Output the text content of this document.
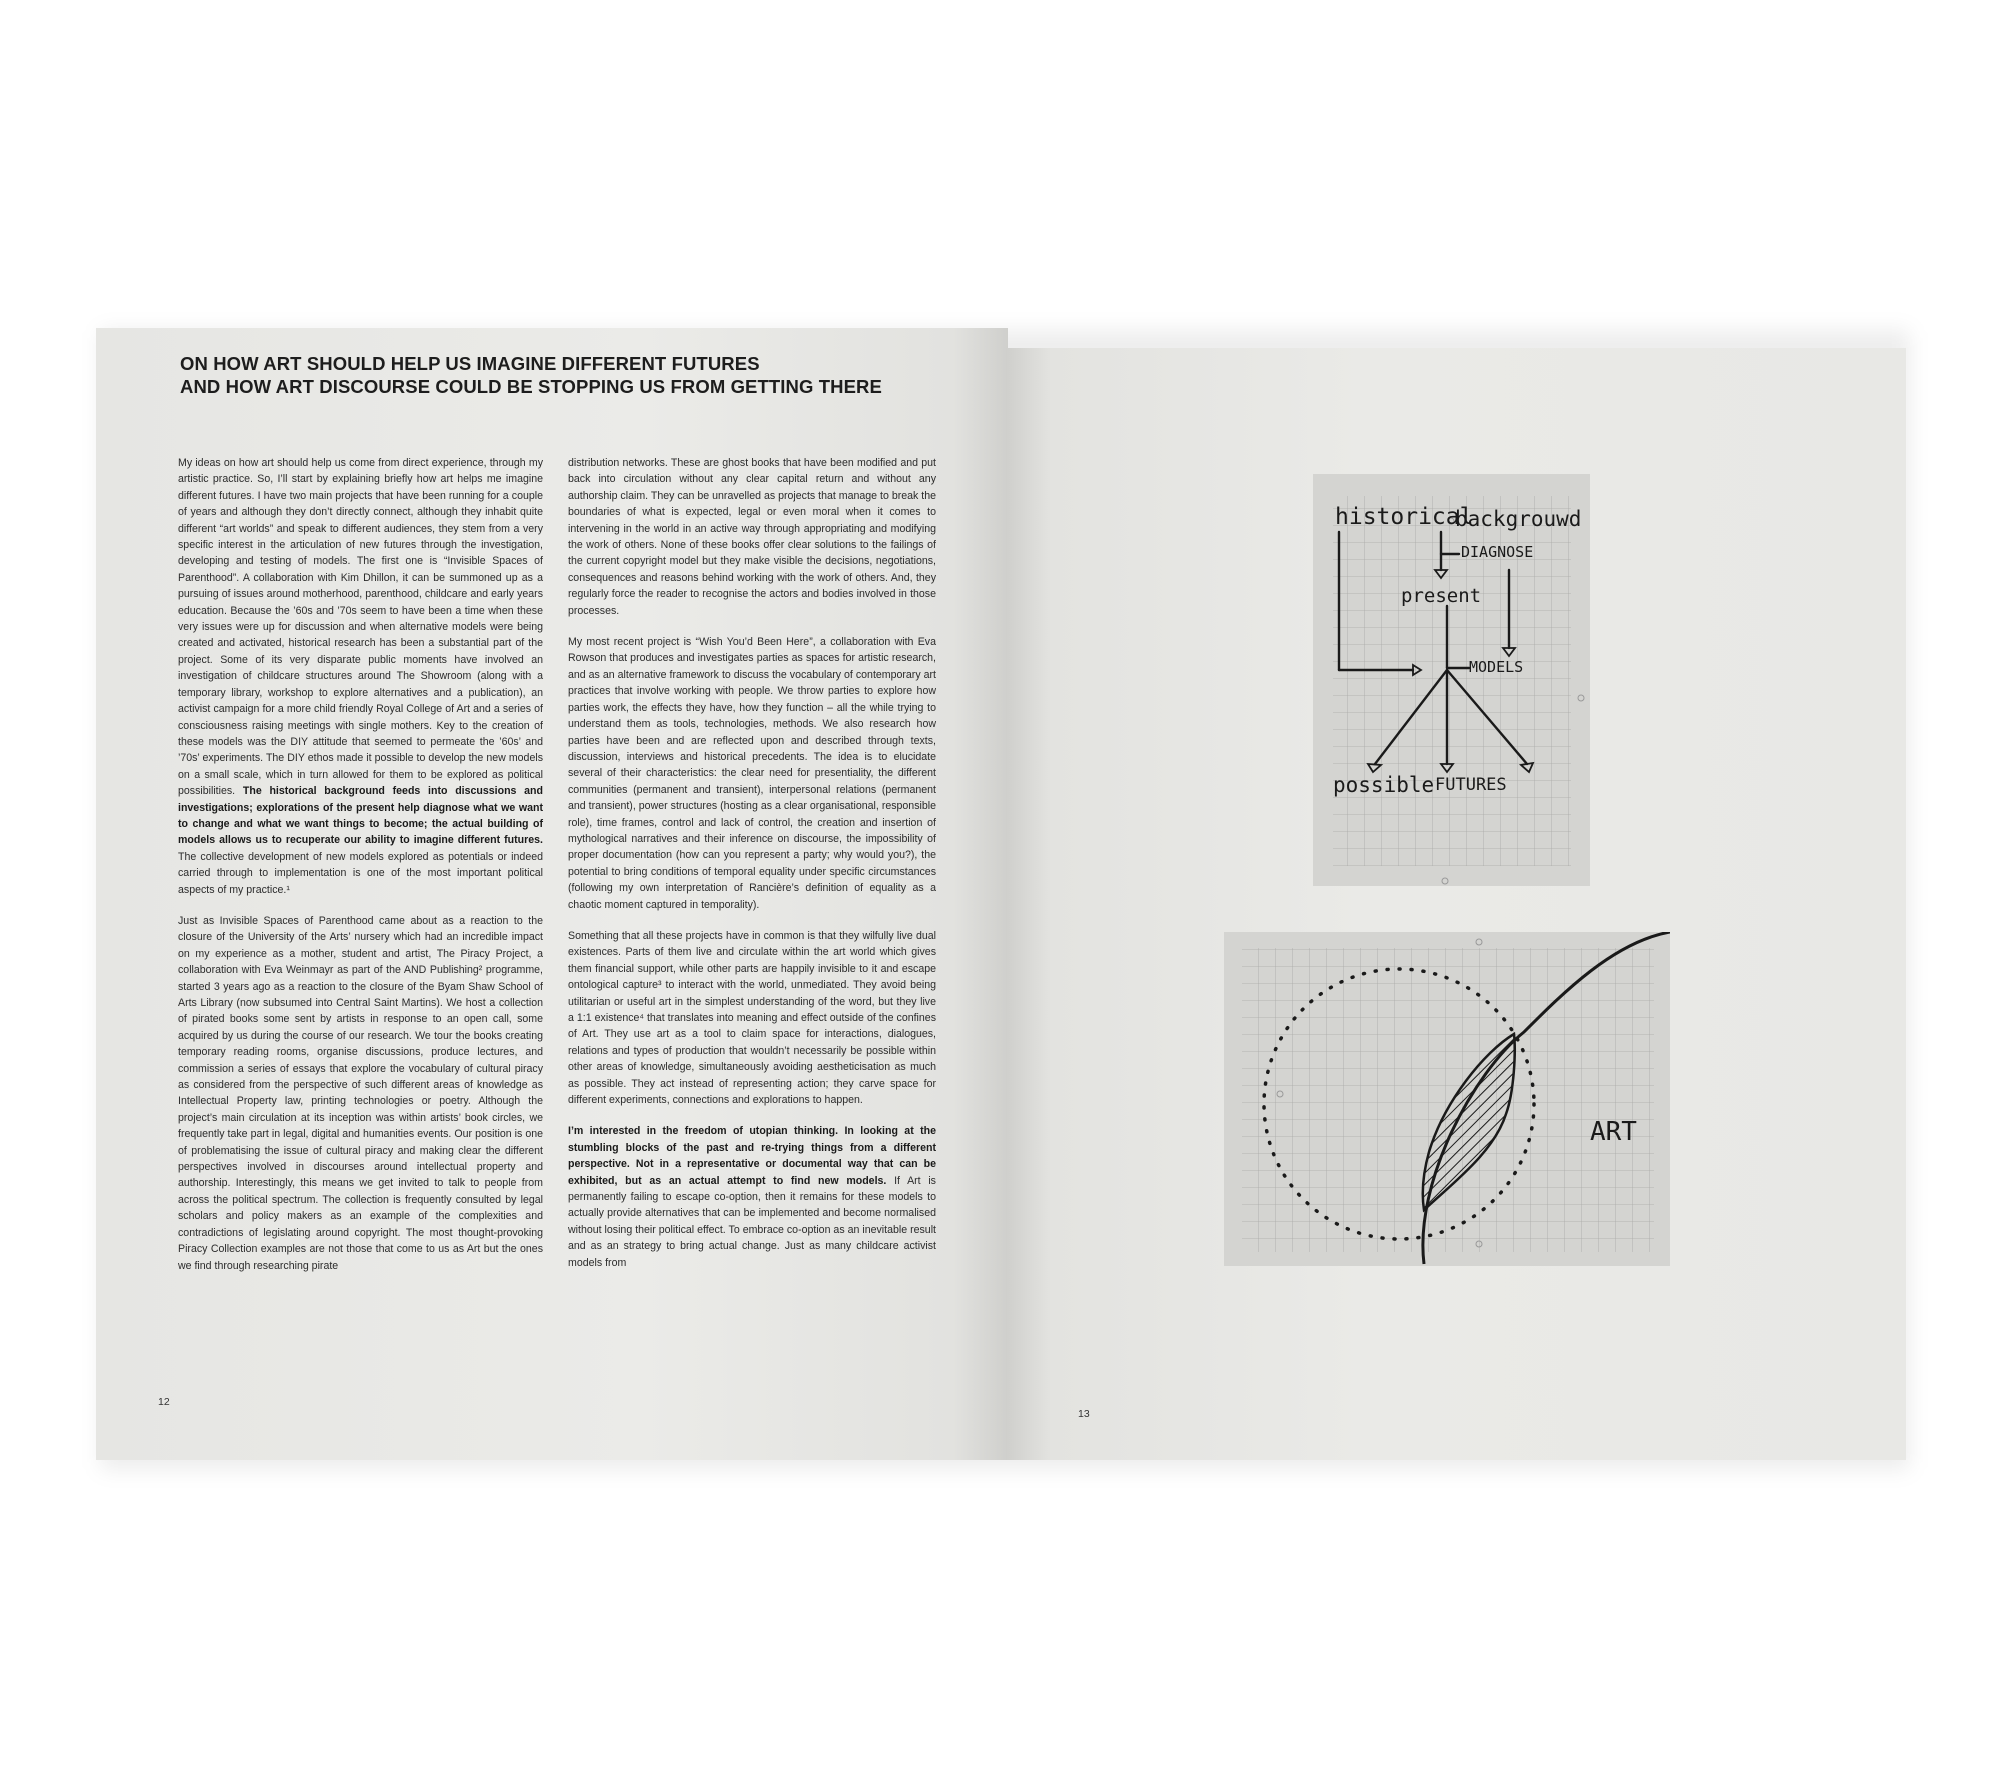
ON HOW ART SHOULD HELP US IMAGINE DIFFERENT FUTURES
AND HOW ART DISCOURSE COULD BE STOPPING US FROM GETTING THERE

My ideas on how art should help us come from direct experience, through my artistic practice. So, I’ll start by explaining briefly how art helps me imagine different futures. I have two main projects that have been running for a couple of years and although they don’t directly connect, although they inhabit quite different “art worlds” and speak to different audiences, they stem from a very specific interest in the articulation of new futures through the investigation, developing and testing of models. The first one is “Invisible Spaces of Parenthood”. A collaboration with Kim Dhillon, it can be summoned up as a pursuing of issues around motherhood, parenthood, childcare and early years education. Because the ’60s and ’70s seem to have been a time when these very issues were up for discussion and when alternative models were being created and activated, historical research has been a substantial part of the project. Some of its very disparate public moments have involved an investigation of childcare structures around The Showroom (along with a temporary library, workshop to explore alternatives and a publication), an activist campaign for a more child friendly Royal College of Art and a series of consciousness raising meetings with single mothers. Key to the creation of these models was the DIY attitude that seemed to permeate the ’60s’ and ’70s’ experiments. The DIY ethos made it possible to develop the new models on a small scale, which in turn allowed for them to be explored as political possibilities. The historical background feeds into discussions and investigations; explorations of the present help diagnose what we want to change and what we want things to become; the actual building of models allows us to recuperate our ability to imagine different futures. The collective development of new models explored as potentials or indeed carried through to implementation is one of the most important political aspects of my practice.¹

Just as Invisible Spaces of Parenthood came about as a reaction to the closure of the University of the Arts’ nursery which had an incredible impact on my experience as a mother, student and artist, The Piracy Project, a collaboration with Eva Weinmayr as part of the AND Publishing² programme, started 3 years ago as a reaction to the closure of the Byam Shaw School of Arts Library (now subsumed into Central Saint Martins). We host a collection of pirated books some sent by artists in response to an open call, some acquired by us during the course of our research. We tour the books creating temporary reading rooms, organise discussions, produce lectures, and commission a series of essays that explore the vocabulary of cultural piracy as considered from the perspective of such different areas of knowledge as Intellectual Property law, printing technologies or poetry. Although the project’s main circulation at its inception was within artists’ book circles, we frequently take part in legal, digital and humanities events. Our position is one of problematising the issue of cultural piracy and making clear the different perspectives involved in discourses around intellectual property and authorship. Interestingly, this means we get invited to talk to people from across the political spectrum. The collection is frequently consulted by legal scholars and policy makers as an example of the complexities and contradictions of legislating around copyright. The most thought-provoking Piracy Collection examples are not those that come to us as Art but the ones we find through researching pirate

distribution networks. These are ghost books that have been modified and put back into circulation without any clear capital return and without any authorship claim. They can be unravelled as projects that manage to break the boundaries of what is expected, legal or even moral when it comes to intervening in the world in an active way through appropriating and modifying the work of others. None of these books offer clear solutions to the failings of the current copyright model but they make visible the decisions, negotiations, consequences and reasons behind working with the work of others. And, they regularly force the reader to recognise the actors and bodies involved in those processes.

My most recent project is “Wish You’d Been Here”, a collaboration with Eva Rowson that produces and investigates parties as spaces for artistic research, and as an alternative framework to discuss the vocabulary of contemporary art practices that involve working with people. We throw parties to explore how parties work, the effects they have, how they function – all the while trying to understand them as tools, technologies, methods. We also research how parties have been and are reflected upon and described through texts, discussion, interviews and historical precedents. The idea is to elucidate several of their characteristics: the clear need for presentiality, the different communities (permanent and transient), interpersonal relations (permanent and transient), power structures (hosting as a clear organisational, responsible role), time frames, control and lack of control, the creation and insertion of mythological narratives and their inference on discourse, the impossibility of proper documentation (how can you represent a party; why would you?), the potential to bring conditions of temporal equality under specific circumstances (following my own interpretation of Rancière’s definition of equality as a chaotic moment captured in temporality).

Something that all these projects have in common is that they wilfully live dual existences. Parts of them live and circulate within the art world which gives them financial support, while other parts are happily invisible to it and escape ontological capture³ to interact with the world, unmediated. They avoid being utilitarian or useful art in the simplest understanding of the word, but they live a 1:1 existence⁴ that translates into meaning and effect outside of the confines of Art. They use art as a tool to claim space for interactions, dialogues, relations and types of production that wouldn’t necessarily be possible within other areas of knowledge, simultaneously avoiding aestheticisation as much as possible. They act instead of representing action; they carve space for different experiments, connections and explorations to happen.

I’m interested in the freedom of utopian thinking. In looking at the stumbling blocks of the past and re-trying things from a different perspective. Not in a representative or documental way that can be exhibited, but as an actual attempt to find new models. If Art is permanently failing to escape co-option, then it remains for these models to actually provide alternatives that can be implemented and become normalised without losing their political effect. To embrace co-option as an inevitable result and as an strategy to bring actual change. Just as many childcare activist models from

12
historical
backgrouwd
DIAGNOSE
present
MODELS
possible FUTURES
ART
13
